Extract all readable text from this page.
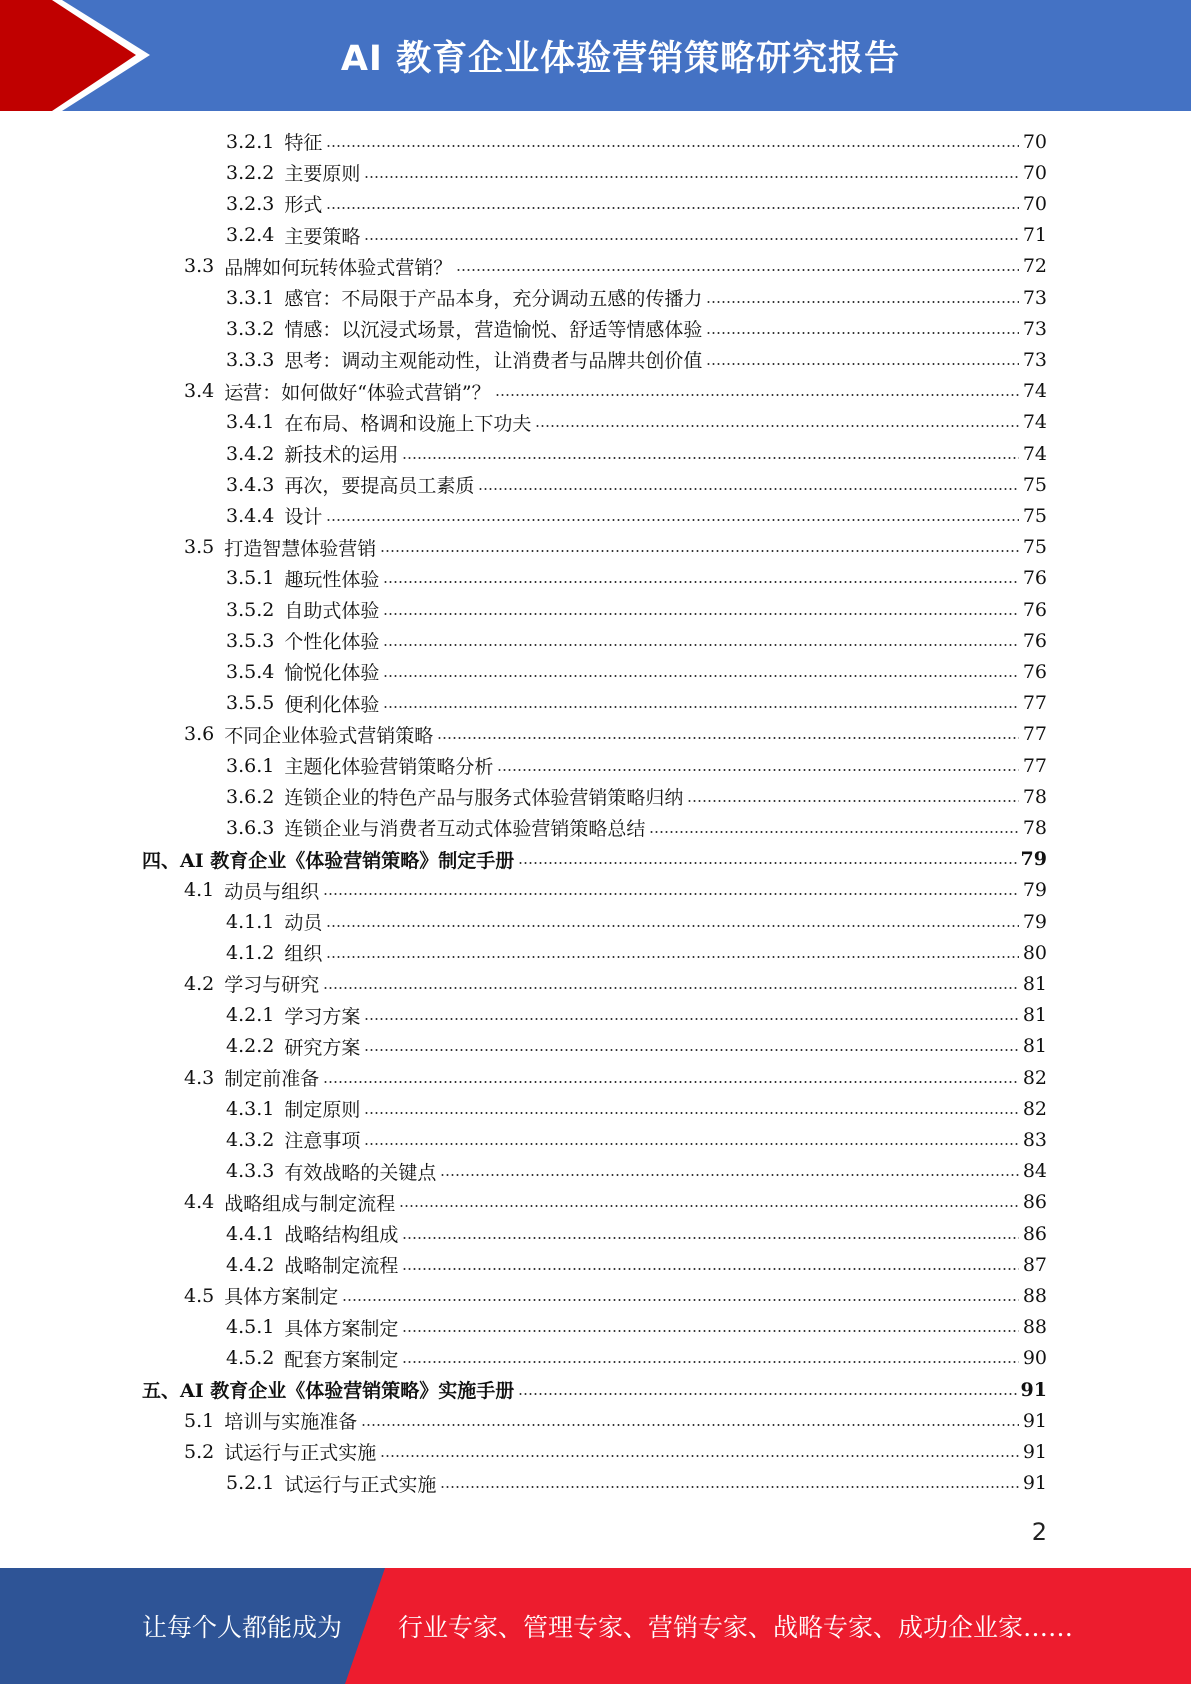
AI 教育企业体验营销策略研究报告
3.2.1 特征	70
3.2.2 主要原则	70
3.2.3 形式	70
3.2.4 主要策略	71
3.3 品牌如何玩转体验式营销？	72
3.3.1 感官：不局限于产品本身，充分调动五感的传播力	73
3.3.2 情感：以沉浸式场景，营造愉悦、舒适等情感体验	73
3.3.3 思考：调动主观能动性，让消费者与品牌共创价值	73
3.4 运营：如何做好“体验式营销”？	74
3.4.1 在布局、格调和设施上下功夫	74
3.4.2 新技术的运用	74
3.4.3 再次，要提高员工素质	75
3.4.4 设计	75
3.5 打造智慧体验营销	75
3.5.1 趣玩性体验	76
3.5.2 自助式体验	76
3.5.3 个性化体验	76
3.5.4 愉悦化体验	76
3.5.5 便利化体验	77
3.6 不同企业体验式营销策略	77
3.6.1 主题化体验营销策略分析	77
3.6.2 连锁企业的特色产品与服务式体验营销策略归纳	78
3.6.3 连锁企业与消费者互动式体验营销策略总结	78
四、 AI 教育企业《体验营销策略》制定手册	79
4.1 动员与组织	79
4.1.1 动员	79
4.1.2 组织	80
4.2 学习与研究	81
4.2.1 学习方案	81
4.2.2 研究方案	81
4.3 制定前准备	82
4.3.1 制定原则	82
4.3.2 注意事项	83
4.3.3 有效战略的关键点	84
4.4 战略组成与制定流程	86
4.4.1 战略结构组成	86
4.4.2 战略制定流程	87
4.5 具体方案制定	88
4.5.1 具体方案制定	88
4.5.2 配套方案制定	90
五、 AI 教育企业《体验营销策略》实施手册	91
5.1 培训与实施准备	91
5.2 试运行与正式实施	91
5.2.1 试运行与正式实施	91
2
让每个人都能成为 行业专家、管理专家、营销专家、战略专家、成功企业家……
